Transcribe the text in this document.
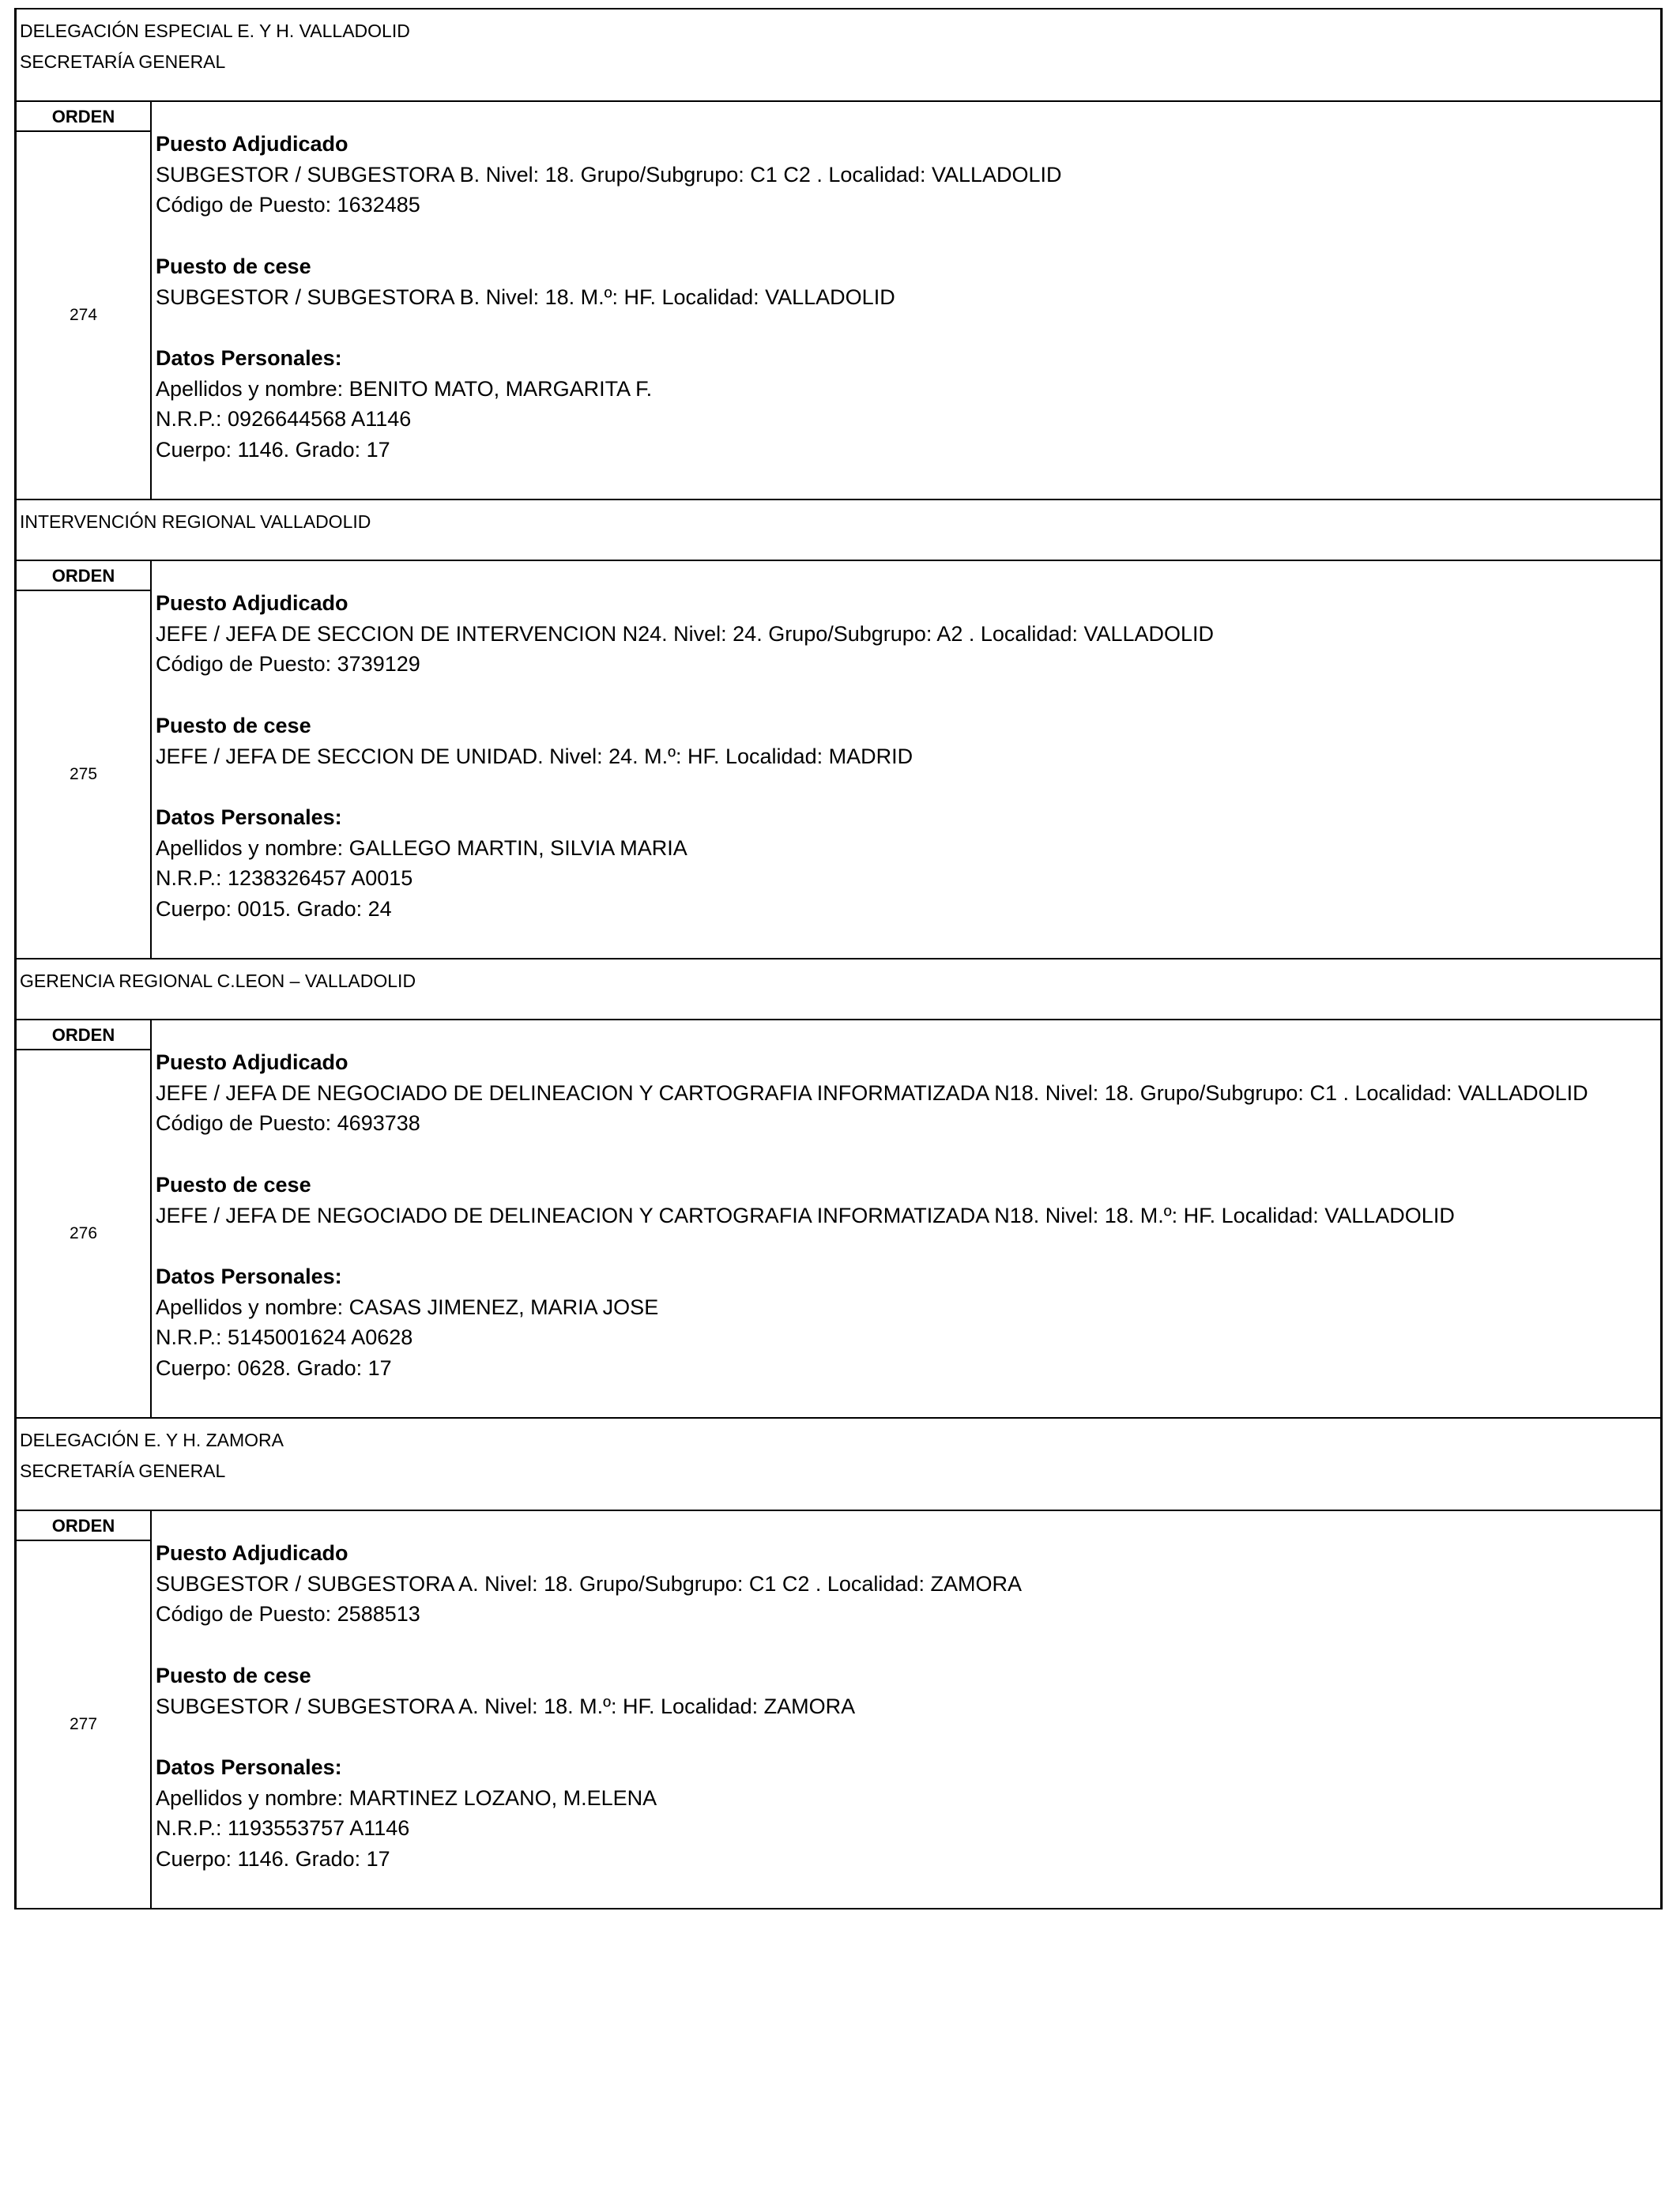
DELEGACIÓN ESPECIAL E. Y H. VALLADOLID
SECRETARÍA GENERAL
ORDEN
274
Puesto Adjudicado
SUBGESTOR / SUBGESTORA B. Nivel: 18. Grupo/Subgrupo: C1 C2 . Localidad: VALLADOLID
Código de Puesto: 1632485
Puesto de cese
SUBGESTOR / SUBGESTORA B. Nivel: 18. M.º: HF. Localidad: VALLADOLID
Datos Personales:
Apellidos y nombre: BENITO MATO, MARGARITA F.
N.R.P.: 0926644568 A1146
Cuerpo: 1146. Grado: 17
INTERVENCIÓN REGIONAL VALLADOLID
ORDEN
275
Puesto Adjudicado
JEFE / JEFA DE SECCION DE INTERVENCION N24. Nivel: 24. Grupo/Subgrupo: A2 . Localidad: VALLADOLID
Código de Puesto: 3739129
Puesto de cese
JEFE / JEFA DE SECCION DE UNIDAD. Nivel: 24. M.º: HF. Localidad: MADRID
Datos Personales:
Apellidos y nombre: GALLEGO MARTIN, SILVIA MARIA
N.R.P.: 1238326457 A0015
Cuerpo: 0015. Grado: 24
GERENCIA REGIONAL C.LEON – VALLADOLID
ORDEN
276
Puesto Adjudicado
JEFE / JEFA DE NEGOCIADO DE DELINEACION Y CARTOGRAFIA INFORMATIZADA N18. Nivel: 18. Grupo/Subgrupo: C1 . Localidad: VALLADOLID
Código de Puesto: 4693738
Puesto de cese
JEFE / JEFA DE NEGOCIADO DE DELINEACION Y CARTOGRAFIA INFORMATIZADA N18. Nivel: 18. M.º: HF. Localidad: VALLADOLID
Datos Personales:
Apellidos y nombre: CASAS JIMENEZ, MARIA JOSE
N.R.P.: 5145001624 A0628
Cuerpo: 0628. Grado: 17
DELEGACIÓN E. Y H. ZAMORA
SECRETARÍA GENERAL
ORDEN
277
Puesto Adjudicado
SUBGESTOR / SUBGESTORA A. Nivel: 18. Grupo/Subgrupo: C1 C2 . Localidad: ZAMORA
Código de Puesto: 2588513
Puesto de cese
SUBGESTOR / SUBGESTORA A. Nivel: 18. M.º: HF. Localidad: ZAMORA
Datos Personales:
Apellidos y nombre: MARTINEZ LOZANO, M.ELENA
N.R.P.: 1193553757 A1146
Cuerpo: 1146. Grado: 17
